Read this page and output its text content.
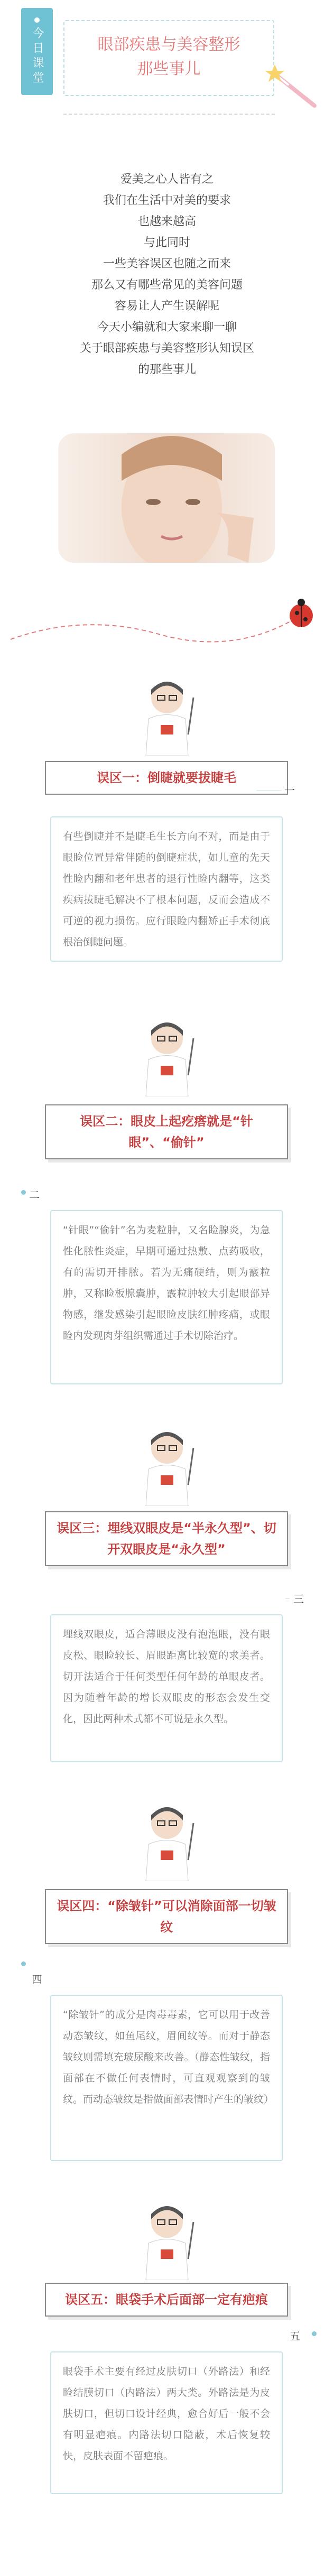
今日课堂	眼部疾患与美容整形
那些事儿
爱美之心人皆有之
我们在生活中对美的要求
也越来越高
与此同时
一些美容误区也随之而来
那么又有哪些常见的美容问题
容易让人产生误解呢
今天小编就和大家来聊一聊
关于眼部疾患与美容整形认知误区
的那些事儿
误区一：倒睫就要拔睫毛
一
有些倒睫并不是睫毛生长方向不对，而是由于眼睑位置异常伴随的倒睫症状，如儿童的先天性睑内翻和老年患者的退行性睑内翻等，这类疾病拔睫毛解决不了根本问题，反而会造成不可逆的视力损伤。应行眼睑内翻矫正手术彻底根治倒睫问题。
误区二：眼皮上起疙瘩就是“针眼”、“偷针”
二
“针眼”“偷针”名为麦粒肿，又名睑腺炎，为急性化脓性炎症，早期可通过热敷、点药吸收，有的需切开排脓。若为无痛硬结，则为霰粒肿，又称睑板腺囊肿，霰粒肿较大引起眼部异物感，继发感染引起眼睑皮肤红肿疼痛，或眼睑内发现肉芽组织需通过手术切除治疗。
误区三：埋线双眼皮是“半永久型”、切开双眼皮是“永久型”
三
埋线双眼皮，适合薄眼皮没有泡泡眼，没有眼皮松、眼睑较长、眉眼距离比较宽的求美者。切开法适合于任何类型任何年龄的单眼皮者。因为随着年龄的增长双眼皮的形态会发生变化，因此两种术式都不可说是永久型。
误区四：“除皱针”可以消除面部一切皱纹
四
“除皱针”的成分是肉毒毒素，它可以用于改善动态皱纹，如鱼尾纹，眉间纹等。而对于静态皱纹则需填充玻尿酸来改善。（静态性皱纹，指面部在不做任何表情时，可直观观察到的皱纹。而动态皱纹是指做面部表情时产生的皱纹）
误区五：眼袋手术后面部一定有疤痕
五
眼袋手术主要有经过皮肤切口（外路法）和经睑结膜切口（内路法）两大类。外路法是为皮肤切口，但切口设计经典，愈合好后一般不会有明显疤痕。内路法切口隐蔽，术后恢复较快，皮肤表面不留疤痕。
